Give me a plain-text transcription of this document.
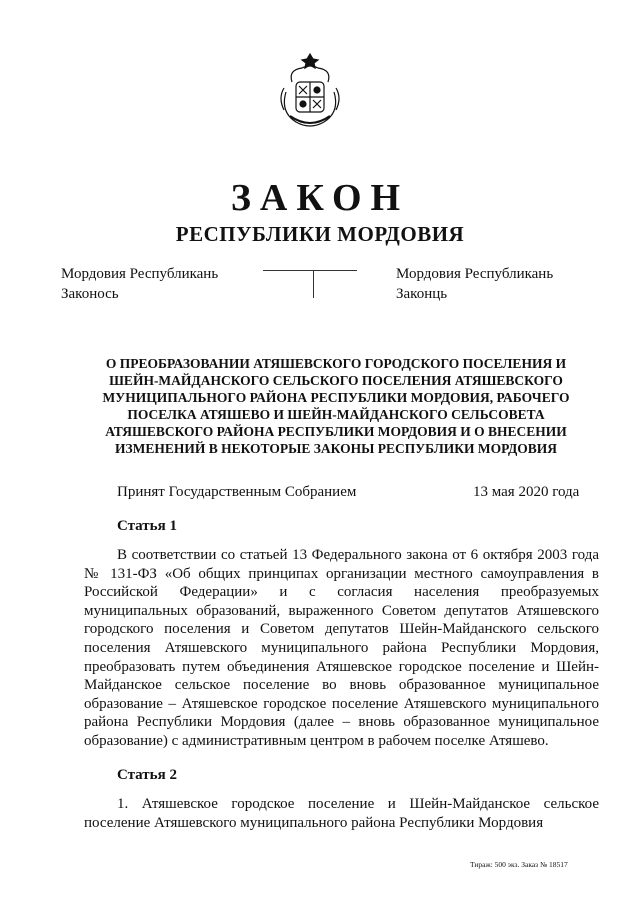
ЗАКОН
РЕСПУБЛИКИ МОРДОВИЯ
Мордовия Республикань
Законось
Мордовия Республикань
Законць
О ПРЕОБРАЗОВАНИИ АТЯШЕВСКОГО ГОРОДСКОГО ПОСЕЛЕНИЯ И
ШЕЙН-МАЙДАНСКОГО СЕЛЬСКОГО ПОСЕЛЕНИЯ АТЯШЕВСКОГО
МУНИЦИПАЛЬНОГО РАЙОНА РЕСПУБЛИКИ МОРДОВИЯ, РАБОЧЕГО
ПОСЕЛКА АТЯШЕВО И ШЕЙН-МАЙДАНСКОГО СЕЛЬСОВЕТА
АТЯШЕВСКОГО РАЙОНА РЕСПУБЛИКИ МОРДОВИЯ И О ВНЕСЕНИИ
ИЗМЕНЕНИЙ В НЕКОТОРЫЕ ЗАКОНЫ РЕСПУБЛИКИ МОРДОВИЯ
Принят Государственным Собранием	13 мая 2020 года
Статья 1
В соответствии со статьей 13 Федерального закона от 6 октября 2003 года № 131-ФЗ «Об общих принципах организации местного самоуправления в Российской Федерации» и с согласия населения преобразуемых муниципальных образований, выраженного Советом депутатов Атяшевского городского поселения и Советом депутатов Шейн-Майданского сельского поселения Атяшевского муниципального района Республики Мордовия, преобразовать путем объединения Атяшевское городское поселение и Шейн-Майданское сельское поселение во вновь образованное муниципальное образование – Атяшевское городское поселение Атяшевского муниципального района Республики Мордовия (далее – вновь образованное муниципальное образование) с административным центром в рабочем поселке Атяшево.
Статья 2
1. Атяшевское городское поселение и Шейн-Майданское сельское поселение Атяшевского муниципального района Республики Мордовия
Тираж: 500 экз. Заказ № 18517
